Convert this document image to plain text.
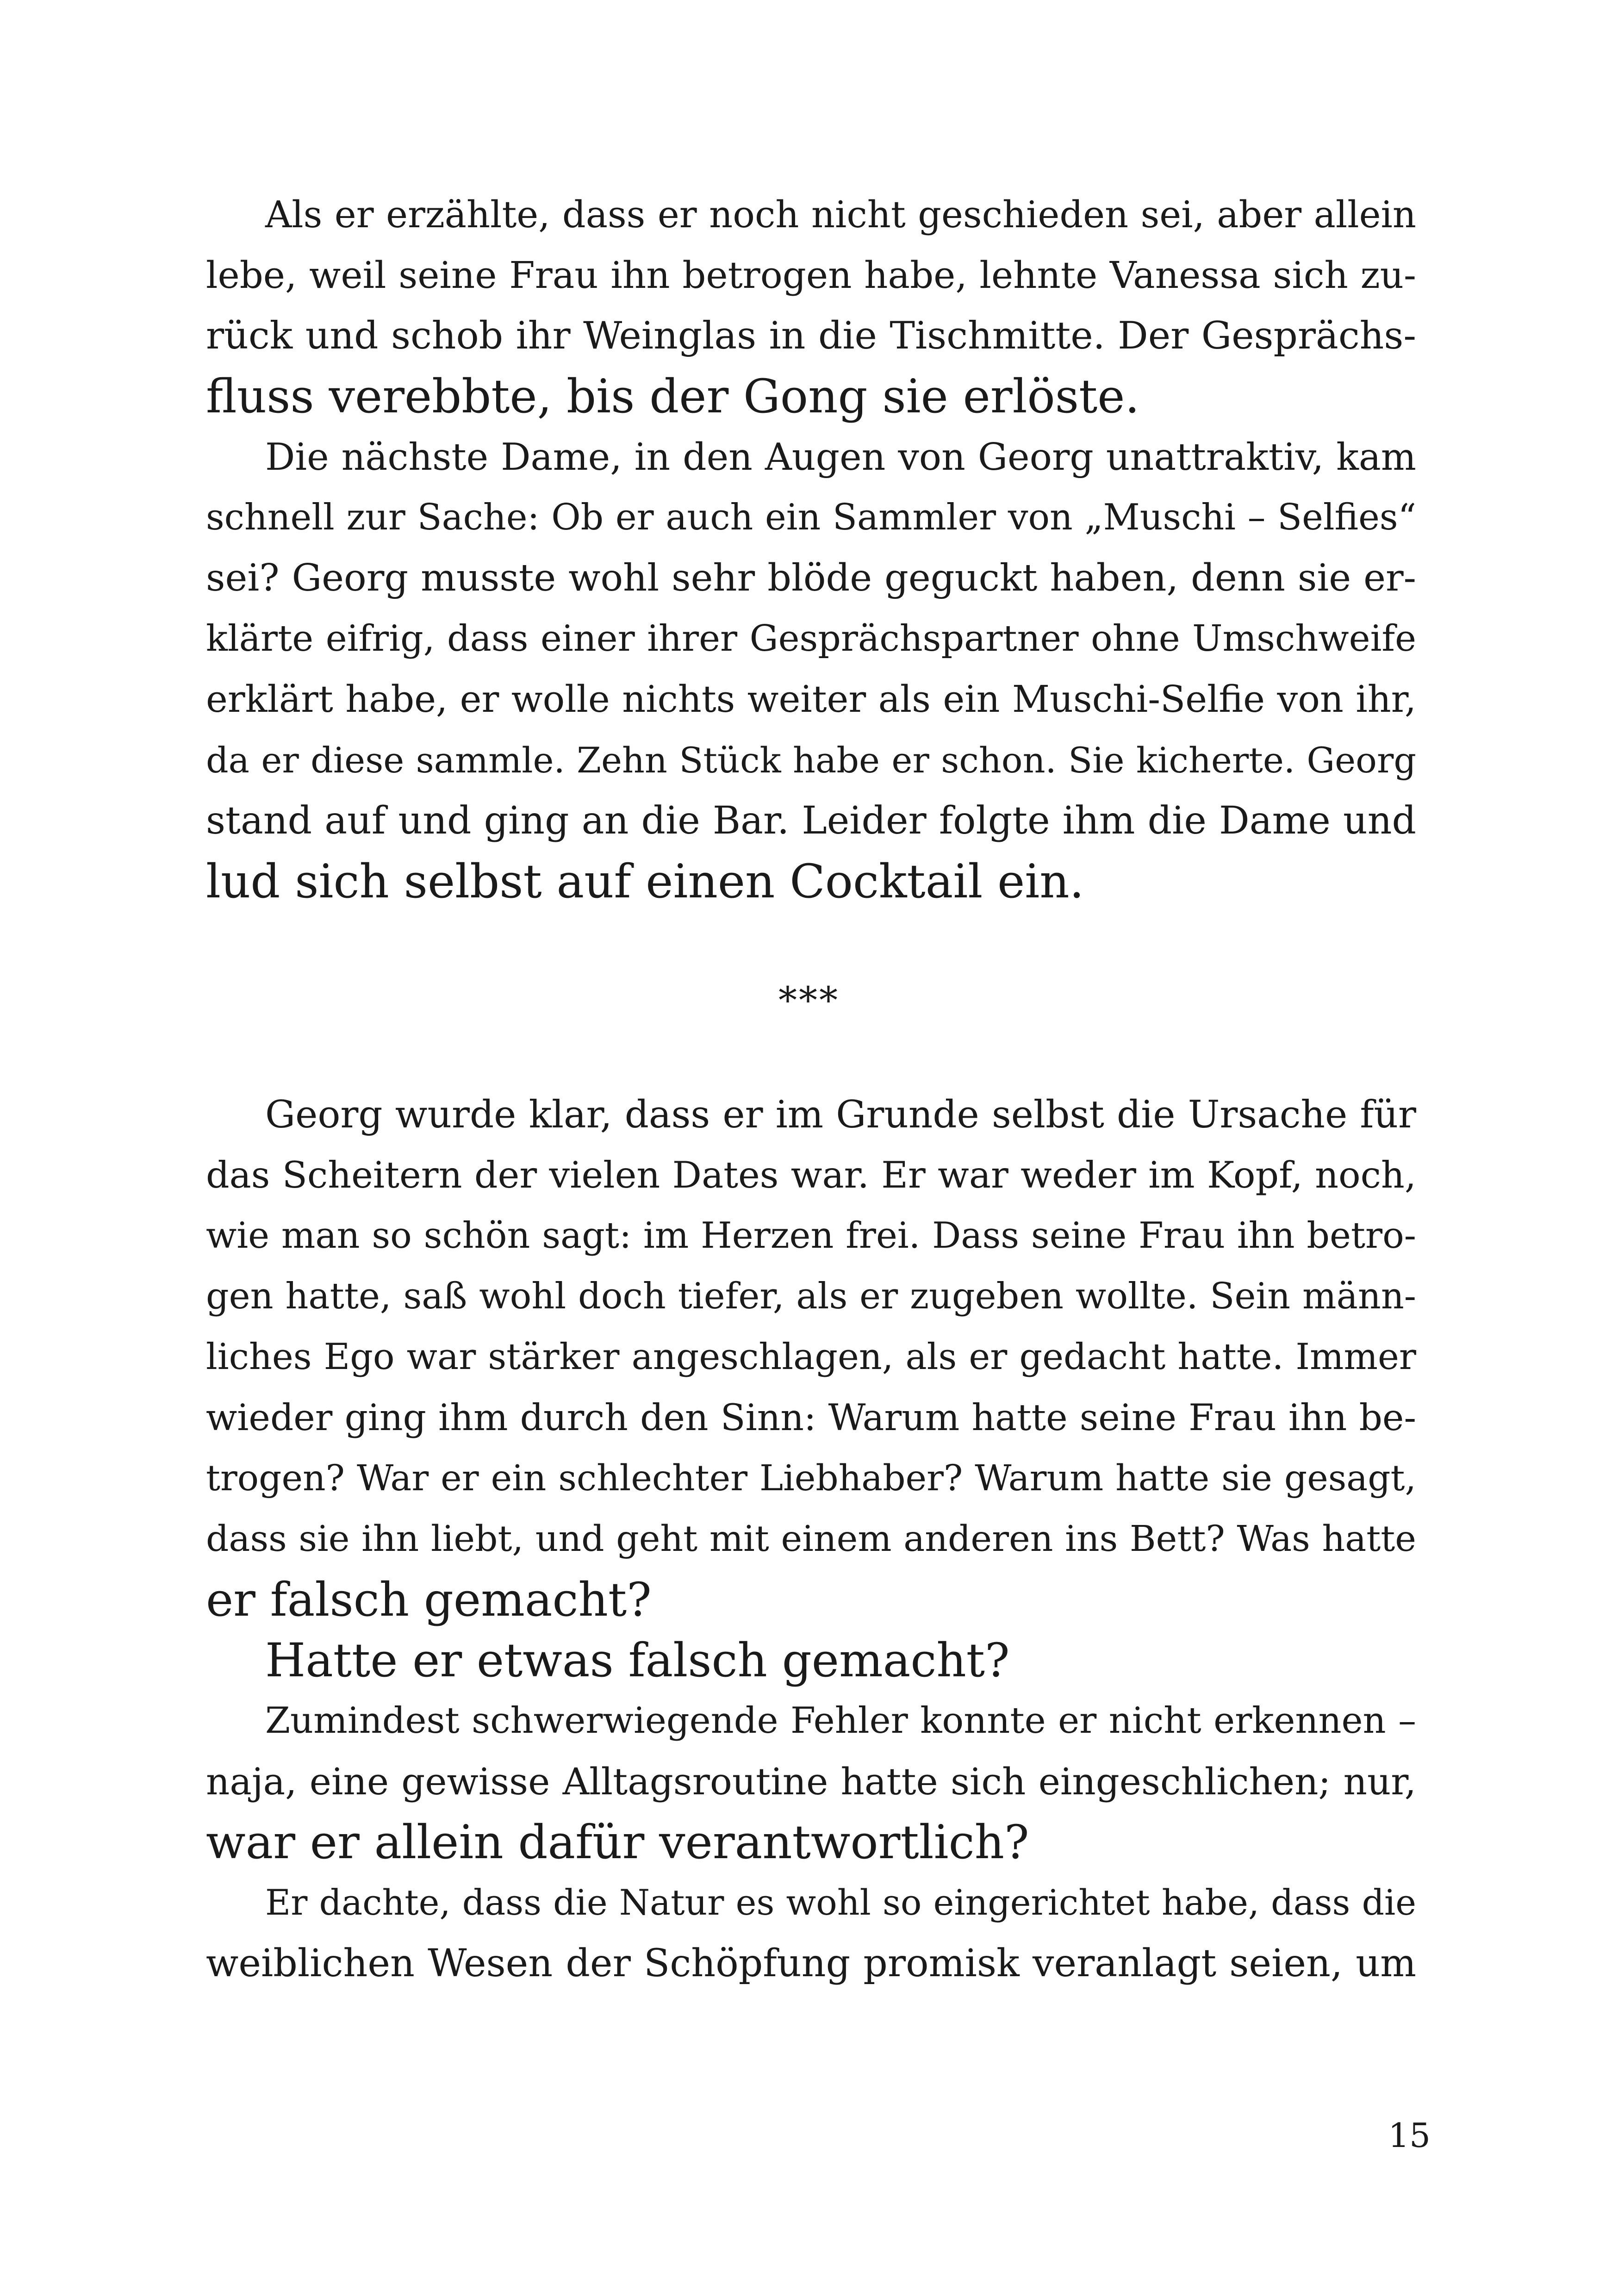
Als er erzählte, dass er noch nicht geschieden sei, aber allein
lebe, weil seine Frau ihn betrogen habe, lehnte Vanessa sich zu-
rück und schob ihr Weinglas in die Tischmitte. Der Gesprächs-
fluss verebbte, bis der Gong sie erlöste.
Die nächste Dame, in den Augen von Georg unattraktiv, kam
schnell zur Sache: Ob er auch ein Sammler von „Muschi – Selfies“
sei? Georg musste wohl sehr blöde geguckt haben, denn sie er-
klärte eifrig, dass einer ihrer Gesprächspartner ohne Umschweife
erklärt habe, er wolle nichts weiter als ein Muschi-Selfie von ihr,
da er diese sammle. Zehn Stück habe er schon. Sie kicherte. Georg
stand auf und ging an die Bar. Leider folgte ihm die Dame und
lud sich selbst auf einen Cocktail ein.
***
Georg wurde klar, dass er im Grunde selbst die Ursache für
das Scheitern der vielen Dates war. Er war weder im Kopf, noch,
wie man so schön sagt: im Herzen frei. Dass seine Frau ihn betro-
gen hatte, saß wohl doch tiefer, als er zugeben wollte. Sein männ-
liches Ego war stärker angeschlagen, als er gedacht hatte. Immer
wieder ging ihm durch den Sinn: Warum hatte seine Frau ihn be-
trogen? War er ein schlechter Liebhaber? Warum hatte sie gesagt,
dass sie ihn liebt, und geht mit einem anderen ins Bett? Was hatte
er falsch gemacht?
Hatte er etwas falsch gemacht?
Zumindest schwerwiegende Fehler konnte er nicht erkennen –
naja, eine gewisse Alltagsroutine hatte sich eingeschlichen; nur,
war er allein dafür verantwortlich?
Er dachte, dass die Natur es wohl so eingerichtet habe, dass die
weiblichen Wesen der Schöpfung promisk veranlagt seien, um
15
